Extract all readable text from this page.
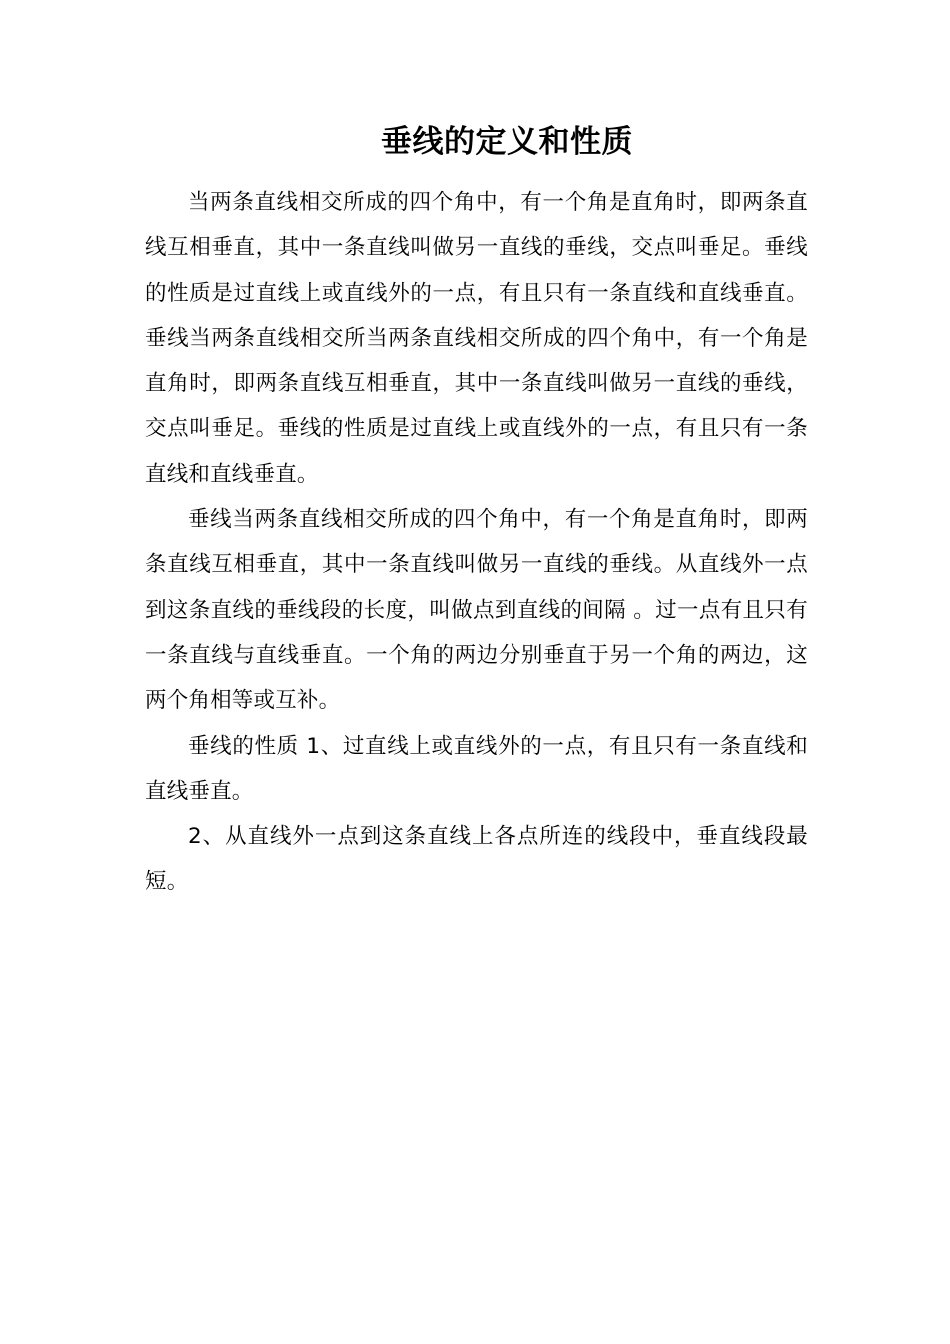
垂线的定义和性质

当两条直线相交所成的四个角中，有一个角是直角时，即两条直线互相垂直，其中一条直线叫做另一直线的垂线，交点叫垂足。垂线的性质是过直线上或直线外的一点，有且只有一条直线和直线垂直。垂线当两条直线相交所当两条直线相交所成的四个角中，有一个角是直角时，即两条直线互相垂直，其中一条直线叫做另一直线的垂线，交点叫垂足。垂线的性质是过直线上或直线外的一点，有且只有一条直线和直线垂直。

垂线当两条直线相交所成的四个角中，有一个角是直角时，即两条直线互相垂直，其中一条直线叫做另一直线的垂线。从直线外一点到这条直线的垂线段的长度，叫做点到直线的间隔 。过一点有且只有一条直线与直线垂直。一个角的两边分别垂直于另一个角的两边，这两个角相等或互补。

垂线的性质 1、过直线上或直线外的一点，有且只有一条直线和直线垂直。

2、从直线外一点到这条直线上各点所连的线段中，垂直线段最短。
